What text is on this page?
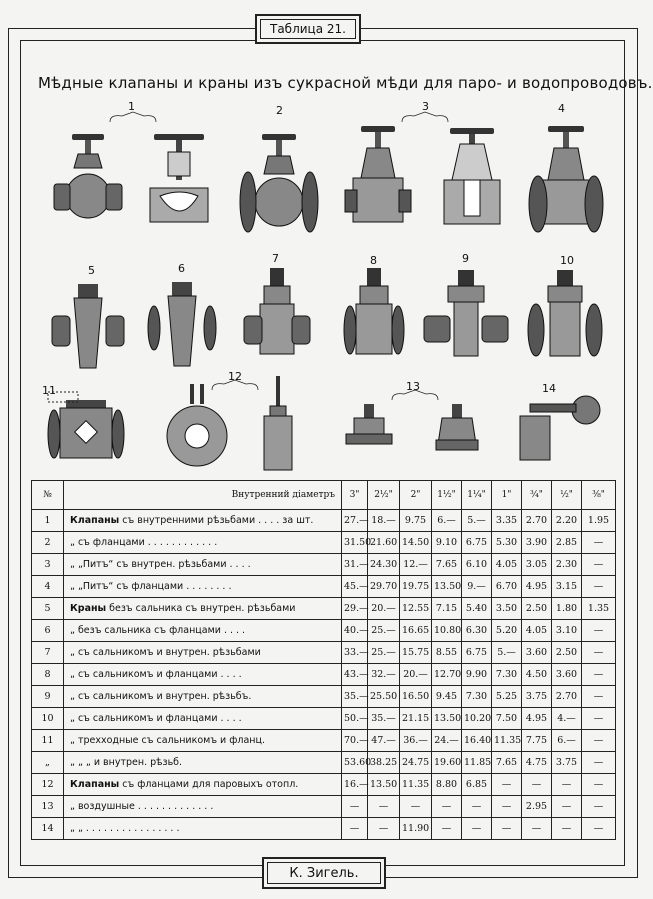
Таблица 21.
Мѣдные клапаны и краны изъ сукрасной мѣди для паро- и водопроводовъ.
1	2	3	4
5	6
7	8	9	10
11
12
13	14
№	Внутренний діаметръ	3"	2½"	2"	1½"	1¼"	1"	¾"	½"	⅜"
1	Клапаны съ внутренними рѣзьбами . . . . за шт.	27.—	18.—	9.75	6.—	5.—	3.35	2.70	2.20	1.95
2	„ съ фланцами . . . . . . . . . . . .	31.50	21.60	14.50	9.10	6.75	5.30	3.90	2.85	—
3	„ „Питъ“ съ внутрен. рѣзьбами . . . .	31.—	24.30	12.—	7.65	6.10	4.05	3.05	2.30	—
4	„ „Питъ“ съ фланцами . . . . . . . .	45.—	29.70	19.75	13.50	9.—	6.70	4.95	3.15	—
5	Краны безъ сальника съ внутрен. рѣзьбами	29.—	20.—	12.55	7.15	5.40	3.50	2.50	1.80	1.35
6	„ безъ сальника съ фланцами . . . .	40.—	25.—	16.65	10.80	6.30	5.20	4.05	3.10	—
7	„ съ сальникомъ и внутрен. рѣзьбами	33.—	25.—	15.75	8.55	6.75	5.—	3.60	2.50	—
8	„ съ сальникомъ и фланцами . . . .	43.—	32.—	20.—	12.70	9.90	7.30	4.50	3.60	—
9	„ съ сальникомъ и внутрен. рѣзьбъ.	35.—	25.50	16.50	9.45	7.30	5.25	3.75	2.70	—
10	„ съ сальникомъ и фланцами . . . .	50.—	35.—	21.15	13.50	10.20	7.50	4.95	4.—	—
11	„ трехходные съ сальникомъ и фланц.	70.—	47.—	36.—	24.—	16.40	11.35	7.75	6.—	—
„	„ „ „ и внутрен. рѣзьб.	53.60	38.25	24.75	19.60	11.85	7.65	4.75	3.75	—
12	Клапаны съ фланцами для паровыхъ отопл.	16.—	13.50	11.35	8.80	6.85	—	—	—	—
13	„ воздушные . . . . . . . . . . . . .	—	—	—	—	—	—	2.95	—	—
14	„ „ . . . . . . . . . . . . . . . .	—	—	11.90	—	—	—	—	—	—
К. Зигель.
